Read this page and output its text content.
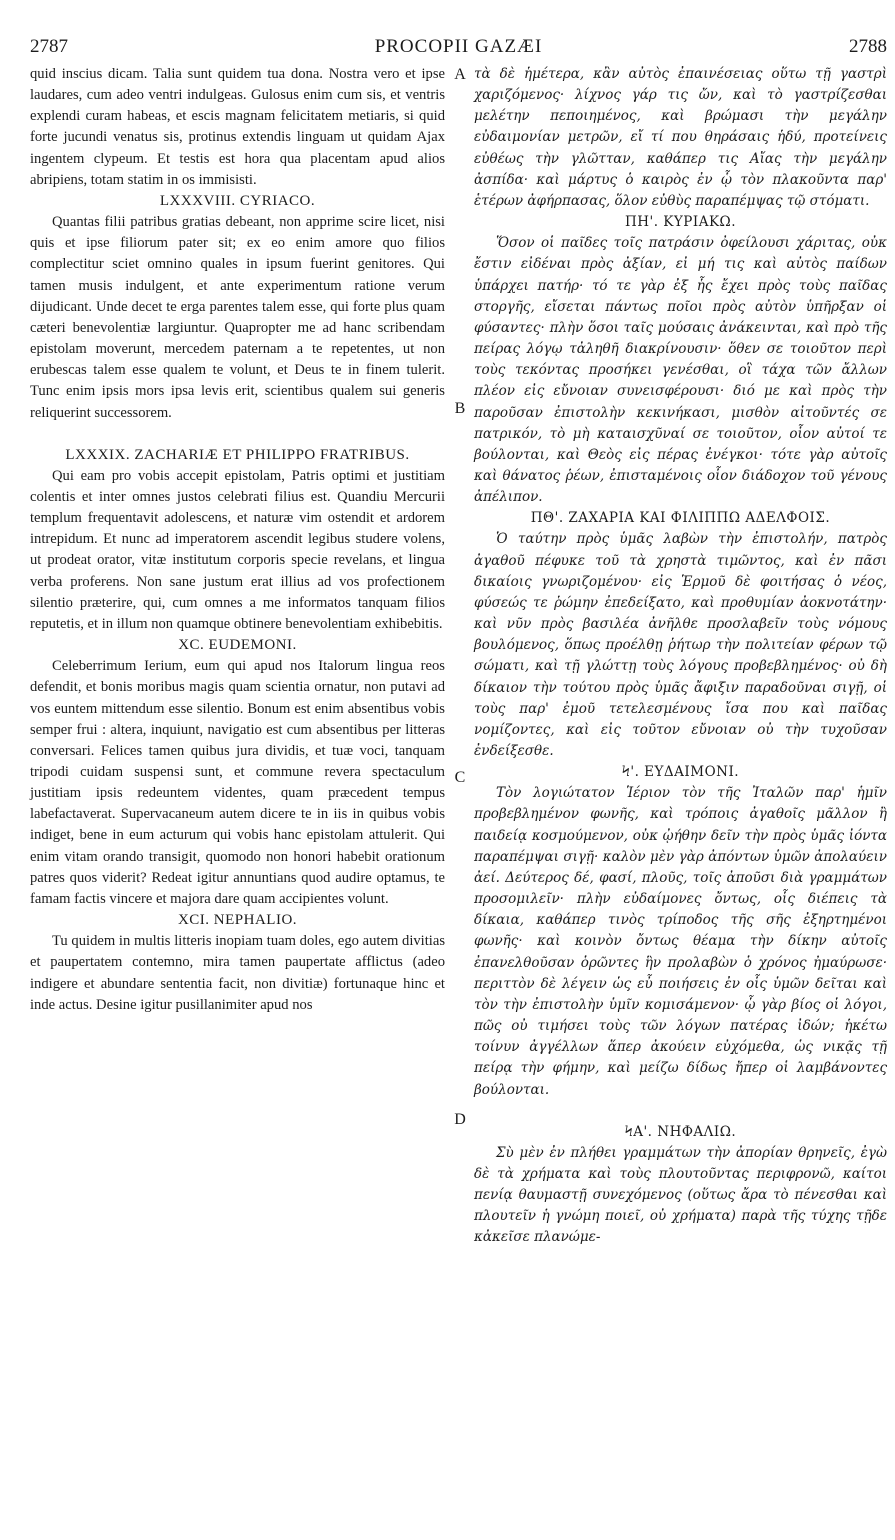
2787	PROCOPII GAZÆI	2788
A
B
C
D

quid inscius dicam. Talia sunt quidem tua dona. Nostra vero et ipse laudares, cum adeo ventri indulgeas. Gulosus enim cum sis, et ventris explendi curam habeas, et escis magnam felicitatem metiaris, si quid forte jucundi venatus sis, protinus extendis linguam ut quidam Ajax ingentem clypeum. Et testis est hora qua placentam apud alios abripiens, totam statim in os immisisti.

LXXXVIII. CYRIACO.

Quantas filii patribus gratias debeant, non apprime scire licet, nisi quis et ipse filiorum pater sit; ex eo enim amore quo filios complectitur sciet omnino quales in ipsum fuerint genitores. Qui tamen musis indulgent, et ante experimentum ratione verum dijudicant. Unde decet te erga parentes talem esse, qui forte plus quam cæteri benevolentiæ largiuntur. Quapropter me ad hanc scribendam epistolam moverunt, mercedem paternam a te repetentes, ut non erubescas talem esse qualem te volunt, et Deus te in finem tulerit. Tunc enim ipsis mors ipsa levis erit, scientibus qualem sui generis reliquerint successorem.

LXXXIX. ZACHARIÆ ET PHILIPPO FRATRIBUS.

Qui eam pro vobis accepit epistolam, Patris optimi et justitiam colentis et inter omnes justos celebrati filius est. Quandiu Mercurii templum frequentavit adolescens, et naturæ vim ostendit et ardorem intrepidum. Et nunc ad imperatorem ascendit legibus studere volens, ut prodeat orator, vitæ institutum corporis specie revelans, et lingua verba proferens. Non sane justum erat illius ad vos profectionem silentio præterire, qui, cum omnes a me informatos tanquam filios reputetis, et in illum non quamque obtinere benevolentiam exhibebitis.

XC. EUDEMONI.

Celeberrimum Ierium, eum qui apud nos Italorum lingua reos defendit, et bonis moribus magis quam scientia ornatur, non putavi ad vos euntem mittendum esse silentio. Bonum est enim absentibus vobis semper frui : altera, inquiunt, navigatio est cum absentibus per litteras conversari. Felices tamen quibus jura dividis, et tuæ voci, tanquam tripodi cuidam suspensi sunt, et commune revera spectaculum justitiam ipsis redeuntem videntes, quam præcedent tempus labefactaverat. Supervacaneum autem dicere te in iis in quibus vobis indiget, bene in eum acturum qui vobis hanc epistolam attulerit. Qui enim vitam orando transigit, quomodo non honori habebit orationum patres quos viderit? Redeat igitur annuntians quod audire optamus, te famam factis vincere et majora dare quam accipientes volunt.

XCI. NEPHALIO.

Tu quidem in multis litteris inopiam tuam doles, ego autem divitias et paupertatem contemno, mira tamen paupertate afflictus (adeo indigere et abundare sententia facit, non divitiæ) fortunaque hinc et inde actus. Desine igitur pusillanimiter apud nos

τὰ δὲ ἡμέτερα, κἂν αὐτὸς ἐπαινέσειας οὕτω τῇ γαστρὶ χαριζόμενος· λίχνος γάρ τις ὤν, καὶ τὸ γαστρίζεσθαι μελέτην πεποιημένος, καὶ βρώμασι τὴν μεγάλην εὐδαιμονίαν μετρῶν, εἴ τί που θηράσαις ἡδύ, προτείνεις εὐθέως τὴν γλῶτταν, καθάπερ τις Αἴας τὴν μεγάλην ἀσπίδα· καὶ μάρτυς ὁ καιρὸς ἐν ᾧ τὸν πλακοῦντα παρ' ἑτέρων ἀφήρπασας, ὅλον εὐθὺς παραπέμψας τῷ στόματι.

ΠΗ'. ΚΥΡΙΑΚΩ.

Ὅσον οἱ παῖδες τοῖς πατράσιν ὀφείλουσι χάριτας, οὐκ ἔστιν εἰδέναι πρὸς ἀξίαν, εἰ μή τις καὶ αὐτὸς παίδων ὑπάρχει πατήρ· τό τε γὰρ ἐξ ἧς ἔχει πρὸς τοὺς παῖδας στοργῆς, εἴσεται πάντως ποῖοι πρὸς αὐτὸν ὑπῆρξαν οἱ φύσαντες· πλὴν ὅσοι ταῖς μούσαις ἀνάκεινται, καὶ πρὸ τῆς πείρας λόγῳ τἀληθῆ διακρίνουσιν· ὅθεν σε τοιοῦτον περὶ τοὺς τεκόντας προσήκει γενέσθαι, οἳ τάχα τῶν ἄλλων πλέον εἰς εὔνοιαν συνεισφέρουσι· διό με καὶ πρὸς τὴν παροῦσαν ἐπιστολὴν κεκινήκασι, μισθὸν αἰτοῦντές σε πατρικόν, τὸ μὴ καταισχῦναί σε τοιοῦτον, οἷον αὐτοί τε βούλονται, καὶ Θεὸς εἰς πέρας ἐνέγκοι· τότε γὰρ αὐτοῖς καὶ θάνατος ῥέων, ἐπισταμένοις οἷον διάδοχον τοῦ γένους ἀπέλιπον.

ΠΘ'. ΖΑΧΑΡΙΑ ΚΑΙ ΦΙΛΙΠΠΩ ΑΔΕΛΦΟΙΣ.

Ὁ ταύτην πρὸς ὑμᾶς λαβὼν τὴν ἐπιστολήν, πατρὸς ἀγαθοῦ πέφυκε τοῦ τὰ χρηστὰ τιμῶντος, καὶ ἐν πᾶσι δικαίοις γνωριζομένου· εἰς Ἑρμοῦ δὲ φοιτήσας ὁ νέος, φύσεώς τε ῥώμην ἐπεδείξατο, καὶ προθυμίαν ἀοκνοτάτην· καὶ νῦν πρὸς βασιλέα ἀνῆλθε προσλαβεῖν τοὺς νόμους βουλόμενος, ὅπως προέλθῃ ῥήτωρ τὴν πολιτείαν φέρων τῷ σώματι, καὶ τῇ γλώττῃ τοὺς λόγους προβεβλημένος· οὐ δὴ δίκαιον τὴν τούτου πρὸς ὑμᾶς ἄφιξιν παραδοῦναι σιγῇ, οἱ τοὺς παρ' ἐμοῦ τετελεσμένους ἴσα που καὶ παῖδας νομίζοντες, καὶ εἰς τοῦτον εὔνοιαν οὐ τὴν τυχοῦσαν ἐνδείξεσθε.

Ϟ'. ΕΥΔΑΙΜΟΝΙ.

Τὸν λογιώτατον Ἱέριον τὸν τῆς Ἰταλῶν παρ' ἡμῖν προβεβλημένον φωνῆς, καὶ τρόποις ἀγαθοῖς μᾶλλον ἢ παιδείᾳ κοσμούμενον, οὐκ ᾠήθην δεῖν τὴν πρὸς ὑμᾶς ἰόντα παραπέμψαι σιγῇ· καλὸν μὲν γὰρ ἀπόντων ὑμῶν ἀπολαύειν ἀεί. Δεύτερος δέ, φασί, πλοῦς, τοῖς ἀποῦσι διὰ γραμμάτων προσομιλεῖν· πλὴν εὐδαίμονες ὄντως, οἷς διέπεις τὰ δίκαια, καθάπερ τινὸς τρίποδος τῆς σῆς ἐξηρτημένοι φωνῆς· καὶ κοινὸν ὄντως θέαμα τὴν δίκην αὐτοῖς ἐπανελθοῦσαν ὁρῶντες ἣν προλαβὼν ὁ χρόνος ἠμαύρωσε· περιττὸν δὲ λέγειν ὡς εὖ ποιήσεις ἐν οἷς ὑμῶν δεῖται καὶ τὸν τὴν ἐπιστολὴν ὑμῖν κομισάμενον· ᾧ γὰρ βίος οἱ λόγοι, πῶς οὐ τιμήσει τοὺς τῶν λόγων πατέρας ἰδών; ἡκέτω τοίνυν ἀγγέλλων ἅπερ ἀκούειν εὐχόμεθα, ὡς νικᾷς τῇ πείρᾳ τὴν φήμην, καὶ μείζω δίδως ἤπερ οἱ λαμβάνοντες βούλονται.

ϞΑ'. ΝΗΦΑΛΙΩ.

Σὺ μὲν ἐν πλήθει γραμμάτων τὴν ἀπορίαν θρηνεῖς, ἐγὼ δὲ τὰ χρήματα καὶ τοὺς πλουτοῦντας περιφρονῶ, καίτοι πενίᾳ θαυμαστῇ συνεχόμενος (οὕτως ἄρα τὸ πένεσθαι καὶ πλουτεῖν ἡ γνώμη ποιεῖ, οὐ χρήματα) παρὰ τῆς τύχης τῇδε κἀκεῖσε πλανώμε-
